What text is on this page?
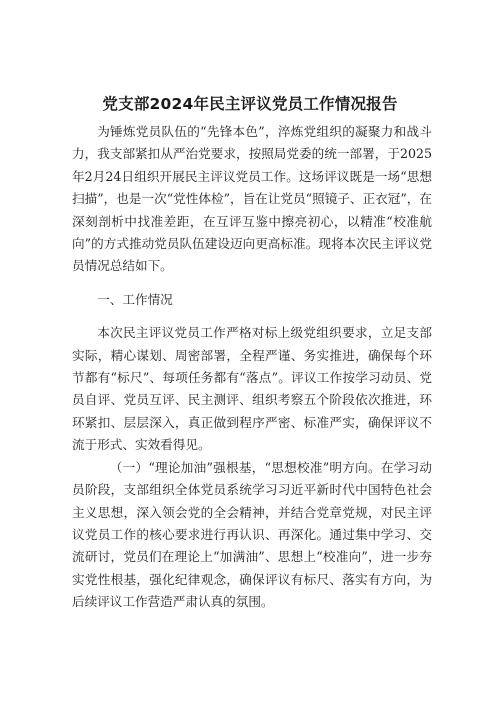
党支部2024年民主评议党员工作情况报告

为锤炼党员队伍的“先锋本色”，淬炼党组织的凝聚力和战斗力，我支部紧扣从严治党要求，按照局党委的统一部署，于2025年2月24日组织开展民主评议党员工作。这场评议既是一场“思想扫描”，也是一次“党性体检”，旨在让党员“照镜子、正衣冠”，在深刻剖析中找准差距，在互评互鉴中擦亮初心，以精准“校准航向”的方式推动党员队伍建设迈向更高标准。现将本次民主评议党员情况总结如下。

一、工作情况

本次民主评议党员工作严格对标上级党组织要求，立足支部实际，精心谋划、周密部署，全程严谨、务实推进，确保每个环节都有“标尺”、每项任务都有“落点”。评议工作按学习动员、党员自评、党员互评、民主测评、组织考察五个阶段依次推进，环环紧扣、层层深入，真正做到程序严密、标准严实，确保评议不流于形式、实效看得见。

（一）“理论加油”强根基，“思想校准”明方向。在学习动员阶段，支部组织全体党员系统学习习近平新时代中国特色社会主义思想，深入领会党的全会精神，并结合党章党规，对民主评议党员工作的核心要求进行再认识、再深化。通过集中学习、交流研讨，党员们在理论上“加满油”、思想上“校准向”，进一步夯实党性根基，强化纪律观念，确保评议有标尺、落实有方向，为后续评议工作营造严肃认真的氛围。
